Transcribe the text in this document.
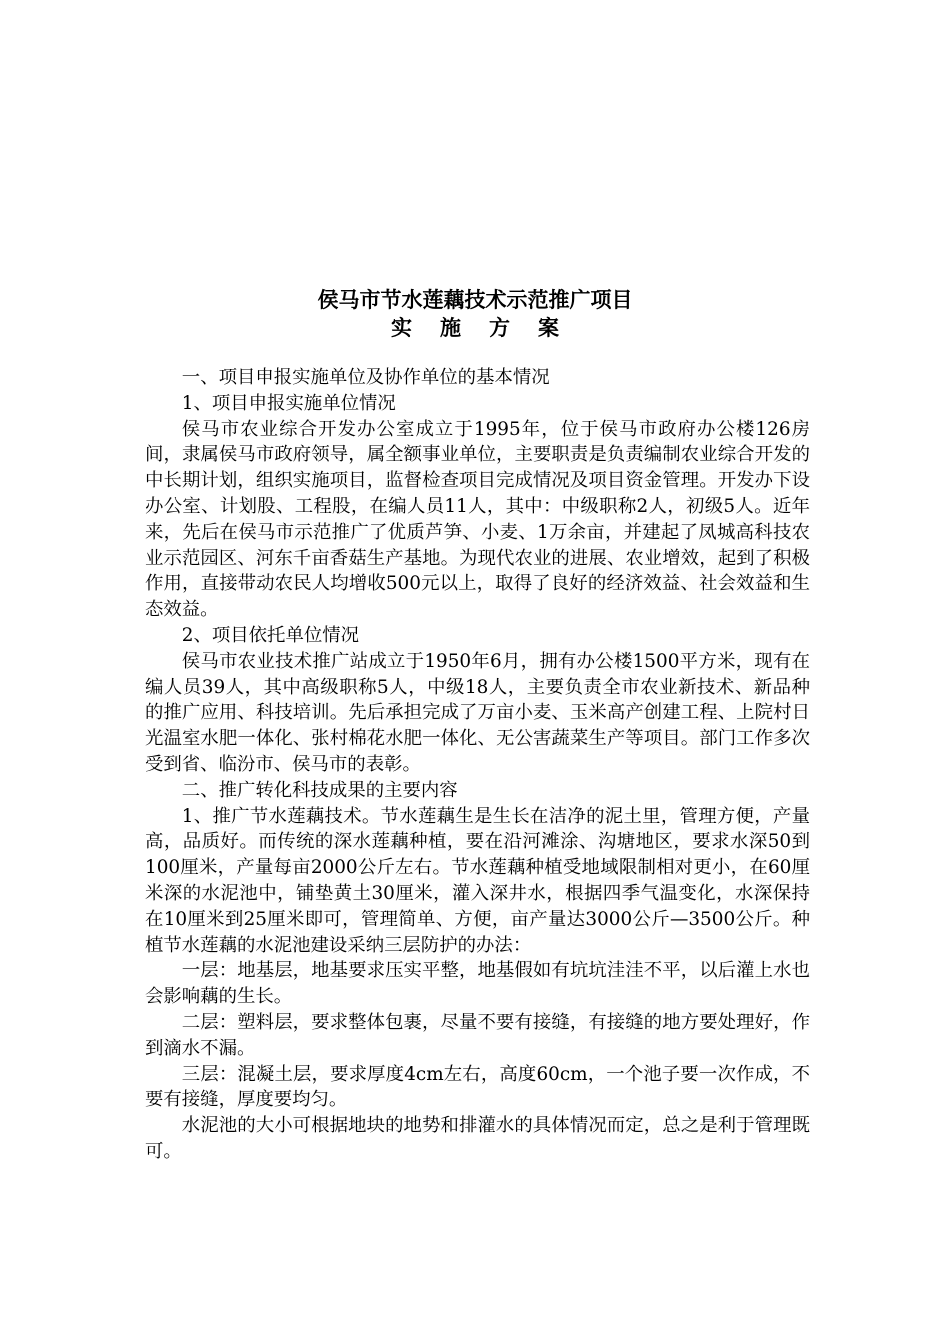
侯马市节水莲藕技术示范推广项目
实施方案

一、项目申报实施单位及协作单位的基本情况

1、项目申报实施单位情况

侯马市农业综合开发办公室成立于1995年，位于侯马市政府办公楼126房间，隶属侯马市政府领导，属全额事业单位，主要职责是负责编制农业综合开发的中长期计划，组织实施项目，监督检查项目完成情况及项目资金管理。开发办下设办公室、计划股、工程股，在编人员11人，其中：中级职称2人，初级5人。近年来，先后在侯马市示范推广了优质芦笋、小麦、1万余亩，并建起了凤城高科技农业示范园区、河东千亩香菇生产基地。为现代农业的进展、农业增效，起到了积极作用，直接带动农民人均增收500元以上，取得了良好的经济效益、社会效益和生态效益。

2、项目依托单位情况

侯马市农业技术推广站成立于1950年6月，拥有办公楼1500平方米，现有在编人员39人，其中高级职称5人，中级18人，主要负责全市农业新技术、新品种的推广应用、科技培训。先后承担完成了万亩小麦、玉米高产创建工程、上院村日光温室水肥一体化、张村棉花水肥一体化、无公害蔬菜生产等项目。部门工作多次受到省、临汾市、侯马市的表彰。

二、推广转化科技成果的主要内容

1、推广节水莲藕技术。节水莲藕生是生长在洁净的泥土里，管理方便，产量高，品质好。而传统的深水莲藕种植，要在沿河滩涂、沟塘地区，要求水深50到100厘米，产量每亩2000公斤左右。节水莲藕种植受地域限制相对更小，在60厘米深的水泥池中，铺垫黄土30厘米，灌入深井水，根据四季气温变化，水深保持在10厘米到25厘米即可，管理简单、方便，亩产量达3000公斤—3500公斤。种植节水莲藕的水泥池建设采纳三层防护的办法：

一层：地基层，地基要求压实平整，地基假如有坑坑洼洼不平，以后灌上水也会影响藕的生长。

二层：塑料层，要求整体包裹，尽量不要有接缝，有接缝的地方要处理好，作到滴水不漏。

三层：混凝土层，要求厚度4cm左右，高度60cm，一个池子要一次作成，不要有接缝，厚度要均匀。

水泥池的大小可根据地块的地势和排灌水的具体情况而定，总之是利于管理既可。
